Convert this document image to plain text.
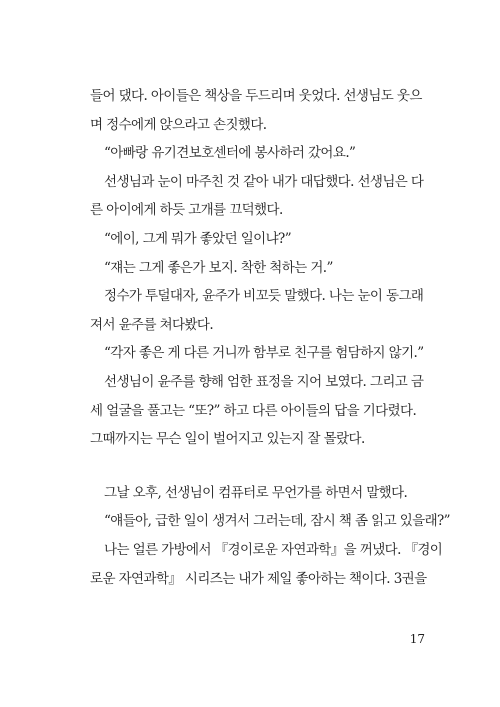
들어 댔다. 아이들은 책상을 두드리며 웃었다. 선생님도 웃으
며 정수에게 앉으라고 손짓했다.
“아빠랑 유기견보호센터에 봉사하러 갔어요.”
선생님과 눈이 마주친 것 같아 내가 대답했다. 선생님은 다
른 아이에게 하듯 고개를 끄덕했다.
“에이, 그게 뭐가 좋았던 일이냐?”
“쟤는 그게 좋은가 보지. 착한 척하는 거.”
정수가 투덜대자, 윤주가 비꼬듯 말했다. 나는 눈이 동그래
져서 윤주를 쳐다봤다.
“각자 좋은 게 다른 거니까 함부로 친구를 험담하지 않기.”
선생님이 윤주를 향해 엄한 표정을 지어 보였다. 그리고 금
세 얼굴을 풀고는 “또?” 하고 다른 아이들의 답을 기다렸다.
그때까지는 무슨 일이 벌어지고 있는지 잘 몰랐다.
그날 오후, 선생님이 컴퓨터로 무언가를 하면서 말했다.
“얘들아, 급한 일이 생겨서 그러는데, 잠시 책 좀 읽고 있을래?”
나는 얼른 가방에서 『경이로운 자연과학』을 꺼냈다. 『경이
로운 자연과학』 시리즈는 내가 제일 좋아하는 책이다. 3권을
17
